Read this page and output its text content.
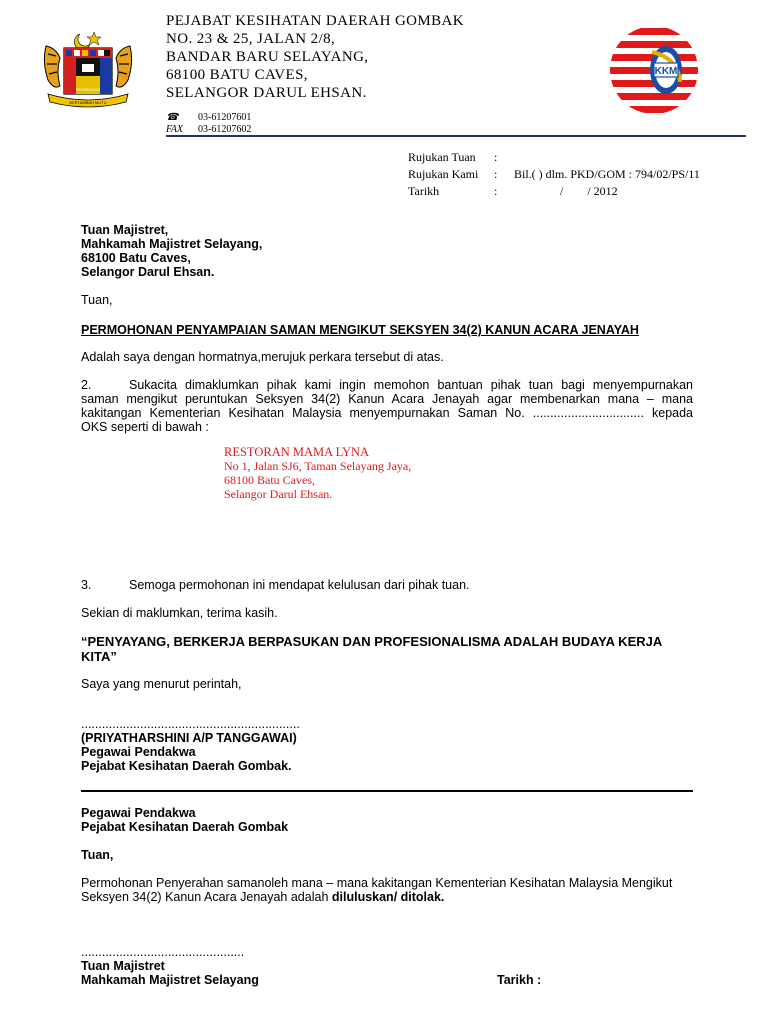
BERTAMBAH MUTU
BERSEKUTU
PEJABAT KESIHATAN DAERAH GOMBAK
NO. 23 & 25, JALAN 2/8,
BANDAR BARU SELAYANG,
68100 BATU CAVES,
SELANGOR DARUL EHSAN.
☎	03-61207601
FAX 03-61207602
KKM
Rujukan Tuan	:
Rujukan Kami	:	Bil.( ) dlm. PKD/GOM : 794/02/PS/11
Tarikh	:	/        / 2012
Tuan Majistret,
Mahkamah Majistret Selayang,
68100 Batu Caves,
Selangor Darul Ehsan.
Tuan,
PERMOHONAN PENYAMPAIAN SAMAN MENGIKUT SEKSYEN 34(2) KANUN ACARA JENAYAH
Adalah saya dengan hormatnya,merujuk perkara tersebut di atas.
2.	Sukacita dimaklumkan pihak kami ingin memohon bantuan pihak tuan bagi menyempurnakan
saman mengikut peruntukan Seksyen 34(2) Kanun Acara Jenayah agar membenarkan mana – mana
kakitangan Kementerian Kesihatan Malaysia menyempurnakan Saman No. ................................ kepada
OKS seperti di bawah :
RESTORAN MAMA LYNA
No 1, Jalan SJ6, Taman Selayang Jaya,
68100 Batu Caves,
Selangor Darul Ehsan.
3.	Semoga permohonan ini mendapat kelulusan dari pihak tuan.
Sekian di maklumkan, terima kasih.
“PENYAYANG, BERKERJA BERPASUKAN DAN PROFESIONALISMA ADALAH BUDAYA KERJA KITA”
Saya yang menurut perintah,
...............................................................
(PRIYATHARSHINI A/P TANGGAWAI)
Pegawai Pendakwa
Pejabat Kesihatan Daerah Gombak.
Pegawai Pendakwa
Pejabat Kesihatan Daerah Gombak
Tuan,
Permohonan Penyerahan samanoleh mana – mana kakitangan Kementerian Kesihatan Malaysia Mengikut
Seksyen 34(2) Kanun Acara Jenayah adalah diluluskan/ ditolak.
...............................................
Tuan Majistret
Mahkamah Majistret Selayang	Tarikh :
